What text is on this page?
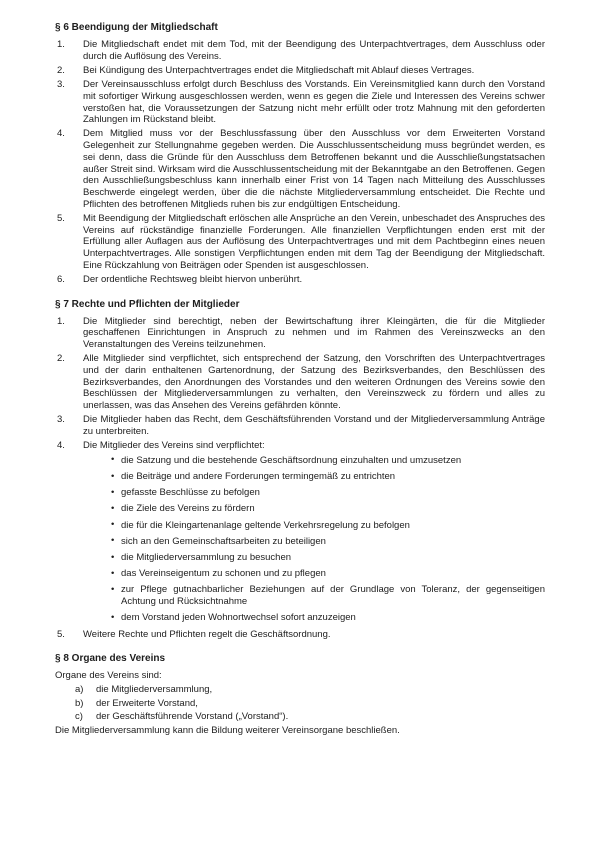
§ 6 Beendigung der Mitgliedschaft
1. Die Mitgliedschaft endet mit dem Tod, mit der Beendigung des Unterpachtvertrages, dem Ausschluss oder durch die Auflösung des Vereins.
2. Bei Kündigung des Unterpachtvertrages endet die Mitgliedschaft mit Ablauf dieses Vertrages.
3. Der Vereinsausschluss erfolgt durch Beschluss des Vorstands. Ein Vereinsmitglied kann durch den Vorstand mit sofortiger Wirkung ausgeschlossen werden, wenn es gegen die Ziele und Interessen des Vereins schwer verstoßen hat, die Voraussetzungen der Satzung nicht mehr erfüllt oder trotz Mahnung mit den geforderten Zahlungen im Rückstand bleibt.
4. Dem Mitglied muss vor der Beschlussfassung über den Ausschluss vor dem Erweiterten Vorstand Gelegenheit zur Stellungnahme gegeben werden. Die Ausschlussentscheidung muss begründet werden, es sei denn, dass die Gründe für den Ausschluss dem Betroffenen bekannt und die Ausschließungstatsachen außer Streit sind. Wirksam wird die Ausschlussentscheidung mit der Bekanntgabe an den Betroffenen. Gegen den Ausschließungsbeschluss kann innerhalb einer Frist von 14 Tagen nach Mitteilung des Ausschlusses Beschwerde eingelegt werden, über die die nächste Mitgliederversammlung entscheidet. Die Rechte und Pflichten des betroffenen Mitglieds ruhen bis zur endgültigen Entscheidung.
5. Mit Beendigung der Mitgliedschaft erlöschen alle Ansprüche an den Verein, unbeschadet des Anspruches des Vereins auf rückständige finanzielle Forderungen. Alle finanziellen Verpflichtungen enden erst mit der Erfüllung aller Auflagen aus der Auflösung des Unterpachtvertrages und mit dem Pachtbeginn eines neuen Unterpachtvertrages. Alle sonstigen Verpflichtungen enden mit dem Tag der Beendigung der Mitgliedschaft. Eine Rückzahlung von Beiträgen oder Spenden ist ausgeschlossen.
6. Der ordentliche Rechtsweg bleibt hiervon unberührt.
§ 7 Rechte und Pflichten der Mitglieder
1. Die Mitglieder sind berechtigt, neben der Bewirtschaftung ihrer Kleingärten, die für die Mitglieder geschaffenen Einrichtungen in Anspruch zu nehmen und im Rahmen des Vereinszwecks an den Veranstaltungen des Vereins teilzunehmen.
2. Alle Mitglieder sind verpflichtet, sich entsprechend der Satzung, den Vorschriften des Unterpachtvertrages und der darin enthaltenen Gartenordnung, der Satzung des Bezirksverbandes, den Beschlüssen des Bezirksverbandes, den Anordnungen des Vorstandes und den weiteren Ordnungen des Vereins sowie den Beschlüssen der Mitgliederversammlungen zu verhalten, den Vereinszweck zu fördern und alles zu unerlassen, was das Ansehen des Vereins gefährden könnte.
3. Die Mitglieder haben das Recht, dem Geschäftsführenden Vorstand und der Mitgliederversammlung Anträge zu unterbreiten.
4. Die Mitglieder des Vereins sind verpflichtet:
• die Satzung und die bestehende Geschäftsordnung einzuhalten und umzusetzen
• die Beiträge und andere Forderungen termingemäß zu entrichten
• gefasste Beschlüsse zu befolgen
• die Ziele des Vereins zu fördern
• die für die Kleingartenanlage geltende Verkehrsregelung zu befolgen
• sich an den Gemeinschaftsarbeiten zu beteiligen
• die Mitgliederversammlung zu besuchen
• das Vereinseigentum zu schonen und zu pflegen
• zur Pflege gutnachbarlicher Beziehungen auf der Grundlage von Toleranz, der gegenseitigen Achtung und Rücksichtnahme
• dem Vorstand jeden Wohnortwechsel sofort anzuzeigen
5. Weitere Rechte und Pflichten regelt die Geschäftsordnung.
§ 8 Organe des Vereins
Organe des Vereins sind:
a) die Mitgliederversammlung,
b) der Erweiterte Vorstand,
c) der Geschäftsführende Vorstand („Vorstand“).
Die Mitgliederversammlung kann die Bildung weiterer Vereinsorgane beschließen.
